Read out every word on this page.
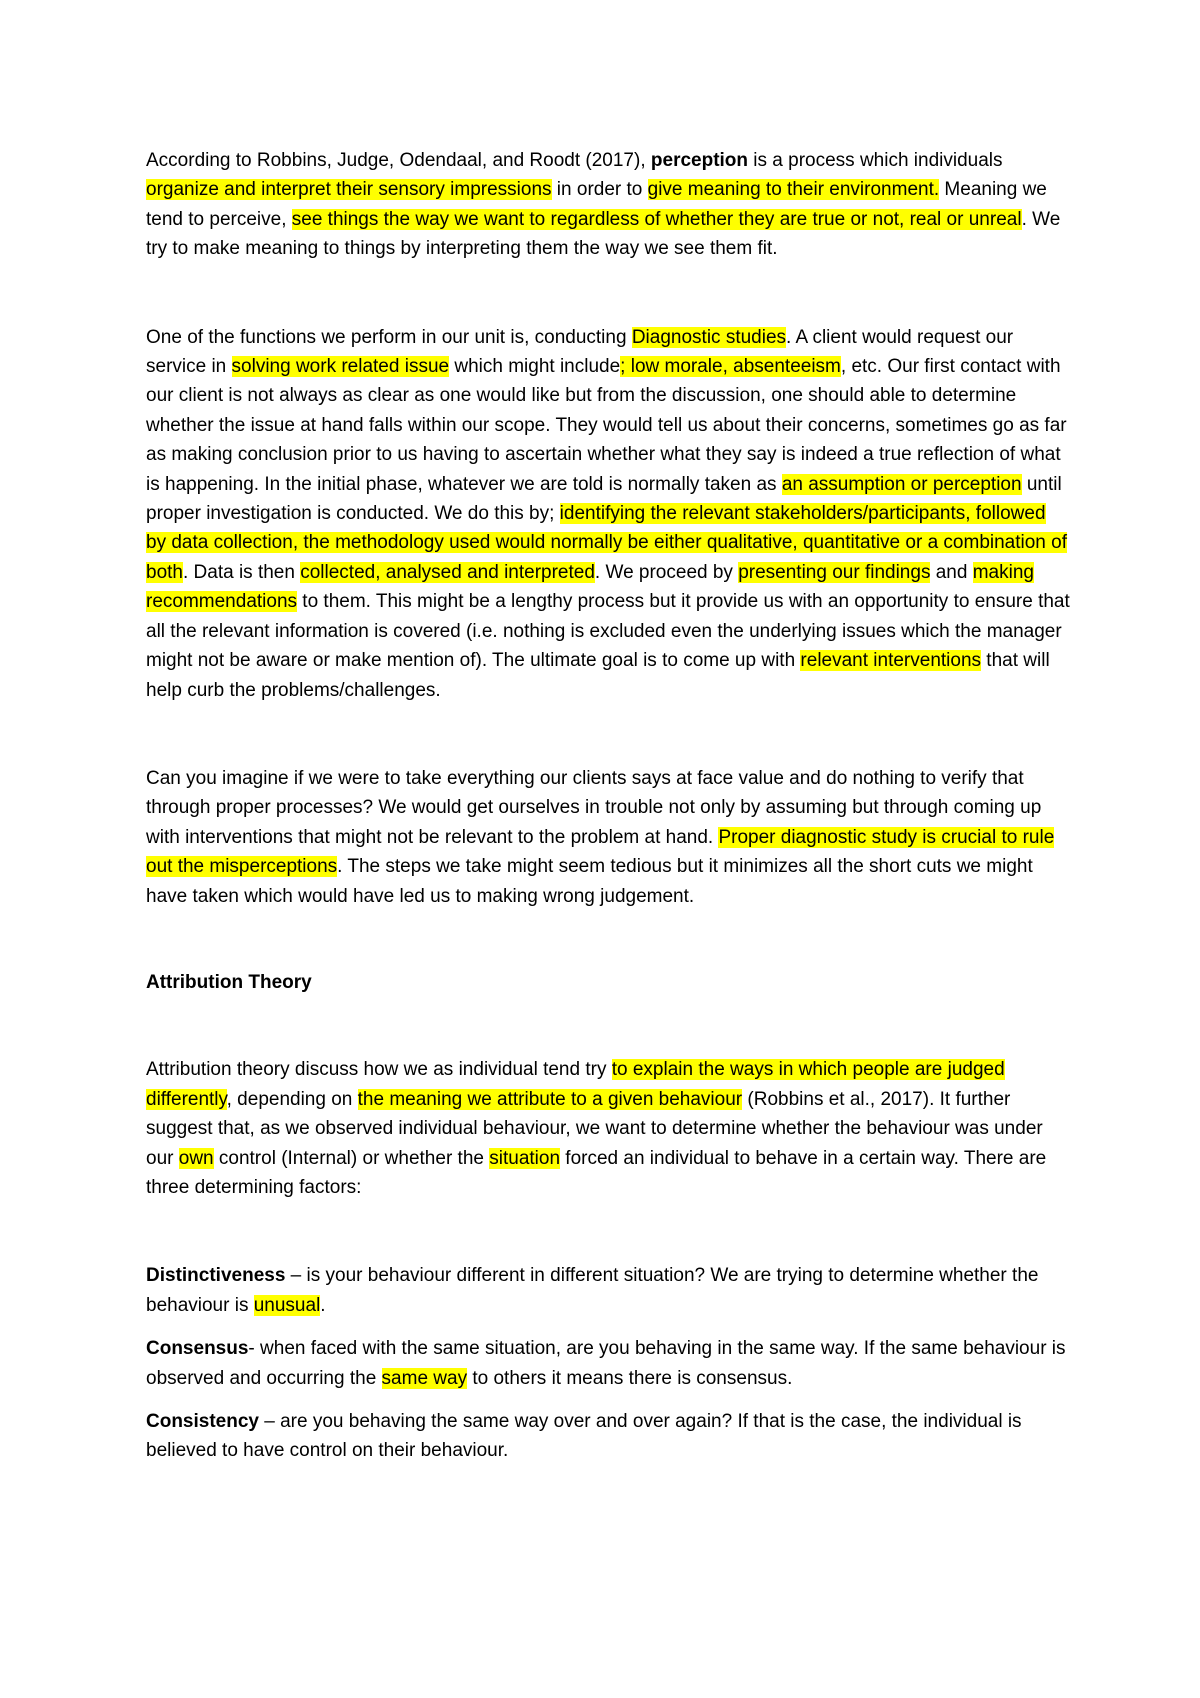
According to Robbins, Judge, Odendaal, and Roodt (2017), perception is a process which individuals organize and interpret their sensory impressions in order to give meaning to their environment. Meaning we tend to perceive, see things the way we want to regardless of whether they are true or not, real or unreal. We try to make meaning to things by interpreting them the way we see them fit.

One of the functions we perform in our unit is, conducting Diagnostic studies. A client would request our service in solving work related issue which might include; low morale, absenteeism, etc. Our first contact with our client is not always as clear as one would like but from the discussion, one should able to determine whether the issue at hand falls within our scope. They would tell us about their concerns, sometimes go as far as making conclusion prior to us having to ascertain whether what they say is indeed a true reflection of what is happening. In the initial phase, whatever we are told is normally taken as an assumption or perception until proper investigation is conducted. We do this by; identifying the relevant stakeholders/participants, followed by data collection, the methodology used would normally be either qualitative, quantitative or a combination of both. Data is then collected, analysed and interpreted. We proceed by presenting our findings and making recommendations to them. This might be a lengthy process but it provide us with an opportunity to ensure that all the relevant information is covered (i.e. nothing is excluded even the underlying issues which the manager might not be aware or make mention of). The ultimate goal is to come up with relevant interventions that will help curb the problems/challenges.

Can you imagine if we were to take everything our clients says at face value and do nothing to verify that through proper processes? We would get ourselves in trouble not only by assuming but through coming up with interventions that might not be relevant to the problem at hand. Proper diagnostic study is crucial to rule out the misperceptions. The steps we take might seem tedious but it minimizes all the short cuts we might have taken which would have led us to making wrong judgement.

Attribution Theory

Attribution theory discuss how we as individual tend try to explain the ways in which people are judged differently, depending on the meaning we attribute to a given behaviour (Robbins et al., 2017). It further suggest that, as we observed individual behaviour, we want to determine whether the behaviour was under our own control (Internal) or whether the situation forced an individual to behave in a certain way. There are three determining factors:

Distinctiveness – is your behaviour different in different situation? We are trying to determine whether the behaviour is unusual.

Consensus- when faced with the same situation, are you behaving in the same way. If the same behaviour is observed and occurring the same way to others it means there is consensus.

Consistency – are you behaving the same way over and over again? If that is the case, the individual is believed to have control on their behaviour.
